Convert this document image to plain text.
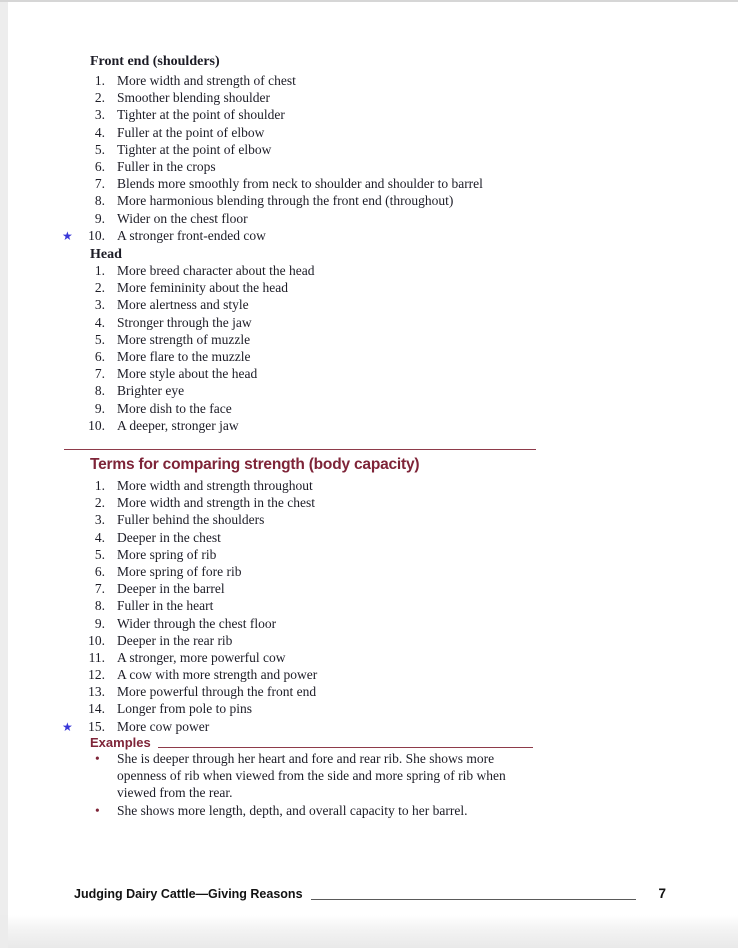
Front end (shoulders)
1. More width and strength of chest
2. Smoother blending shoulder
3. Tighter at the point of shoulder
4. Fuller at the point of elbow
5. Tighter at the point of elbow
6. Fuller in the crops
7. Blends more smoothly from neck to shoulder and shoulder to barrel
8. More harmonious blending through the front end (throughout)
9. Wider on the chest floor
★	10. A stronger front-ended cow
Head
1. More breed character about the head
2. More femininity about the head
3. More alertness and style
4. Stronger through the jaw
5. More strength of muzzle
6. More flare to the muzzle
7. More style about the head
8. Brighter eye
9. More dish to the face
10. A deeper, stronger jaw
Terms for comparing strength (body capacity)
1. More width and strength throughout
2. More width and strength in the chest
3. Fuller behind the shoulders
4. Deeper in the chest
5. More spring of rib
6. More spring of fore rib
7. Deeper in the barrel
8. Fuller in the heart
9. Wider through the chest floor
10. Deeper in the rear rib
11. A stronger, more powerful cow
12. A cow with more strength and power
13. More powerful through the front end
14. Longer from pole to pins
★	15. More cow power
Examples
•	She is deeper through her heart and fore and rear rib. She shows more
openness of rib when viewed from the side and more spring of rib when
viewed from the rear.
•	She shows more length, depth, and overall capacity to her barrel.
Judging Dairy Cattle—Giving Reasons	7
